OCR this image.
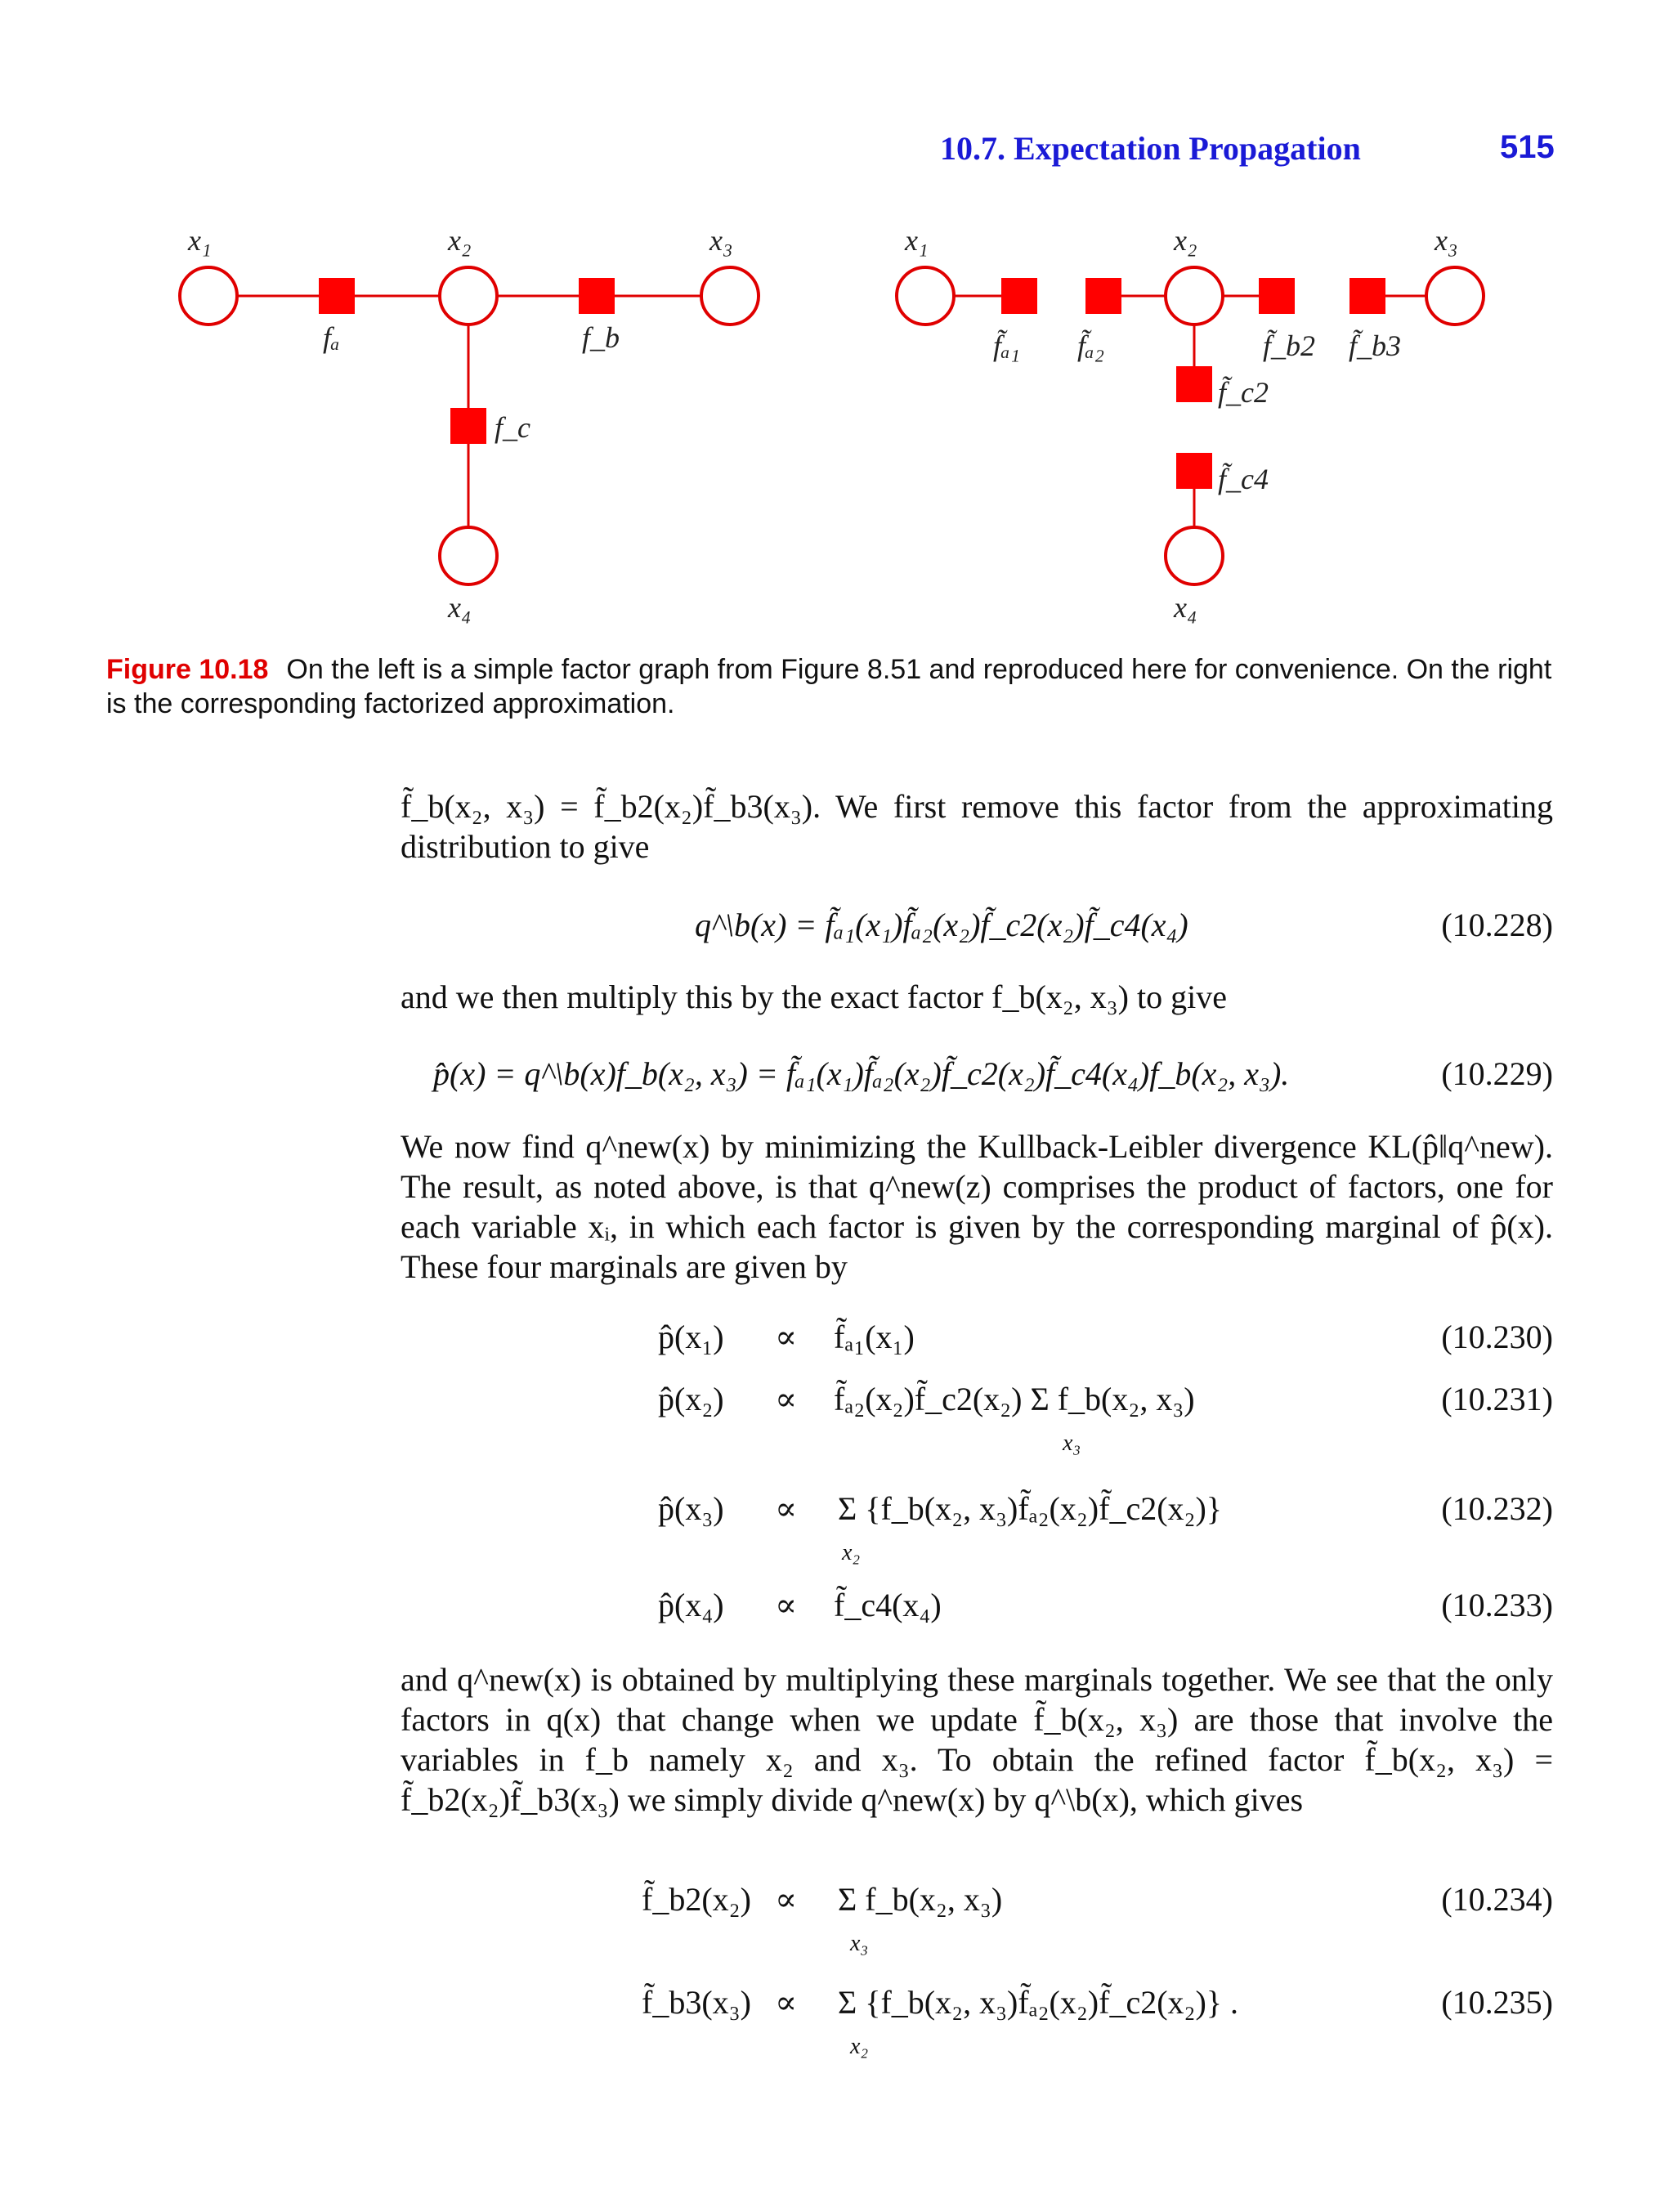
10.7. Expectation Propagation	515
x₁	x₂	x₃
x₄
fₐ	f_b
f_c
x₁	x₂	x₃
x₄
f̃ₐ₁ f̃ₐ₂	f̃_b2 f̃_b3
f̃_c2
f̃_c4
Figure 10.18 On the left is a simple factor graph from Figure 8.51 and reproduced here for convenience. On the right is the corresponding factorized approximation.
f̃_b(x₂, x₃) = f̃_b2(x₂)f̃_b3(x₃). We first remove this factor from the approximating distribution to give
q^\b(x) = f̃ₐ₁(x₁)f̃ₐ₂(x₂)f̃_c2(x₂)f̃_c4(x₄)	(10.228)
and we then multiply this by the exact factor f_b(x₂, x₃) to give
p̂(x) = q^\b(x)f_b(x₂, x₃) = f̃ₐ₁(x₁)f̃ₐ₂(x₂)f̃_c2(x₂)f̃_c4(x₄)f_b(x₂, x₃).	(10.229)
We now find q^new(x) by minimizing the Kullback-Leibler divergence KL(p̂‖q^new). The result, as noted above, is that q^new(z) comprises the product of factors, one for each variable xᵢ, in which each factor is given by the corresponding marginal of p̂(x). These four marginals are given by
p̂(x₁) ∝ f̃ₐ₁(x₁)	(10.230)
p̂(x₂) ∝ f̃ₐ₂(x₂)f̃_c2(x₂) Σ f_b(x₂, x₃)
x₃
(10.231)
p̂(x₃) ∝ Σ {f_b(x₂, x₃)f̃ₐ₂(x₂)f̃_c2(x₂)}
x₂
(10.232)
p̂(x₄) ∝ f̃_c4(x₄)	(10.233)
and q^new(x) is obtained by multiplying these marginals together. We see that the only factors in q(x) that change when we update f̃_b(x₂, x₃) are those that involve the variables in f_b namely x₂ and x₃. To obtain the refined factor f̃_b(x₂, x₃) = f̃_b2(x₂)f̃_b3(x₃) we simply divide q^new(x) by q^\b(x), which gives
f̃_b2(x₂) ∝ Σ f_b(x₂, x₃)
x₃
(10.234)
f̃_b3(x₃) ∝ Σ {f_b(x₂, x₃)f̃ₐ₂(x₂)f̃_c2(x₂)} .
x₂
(10.235)
